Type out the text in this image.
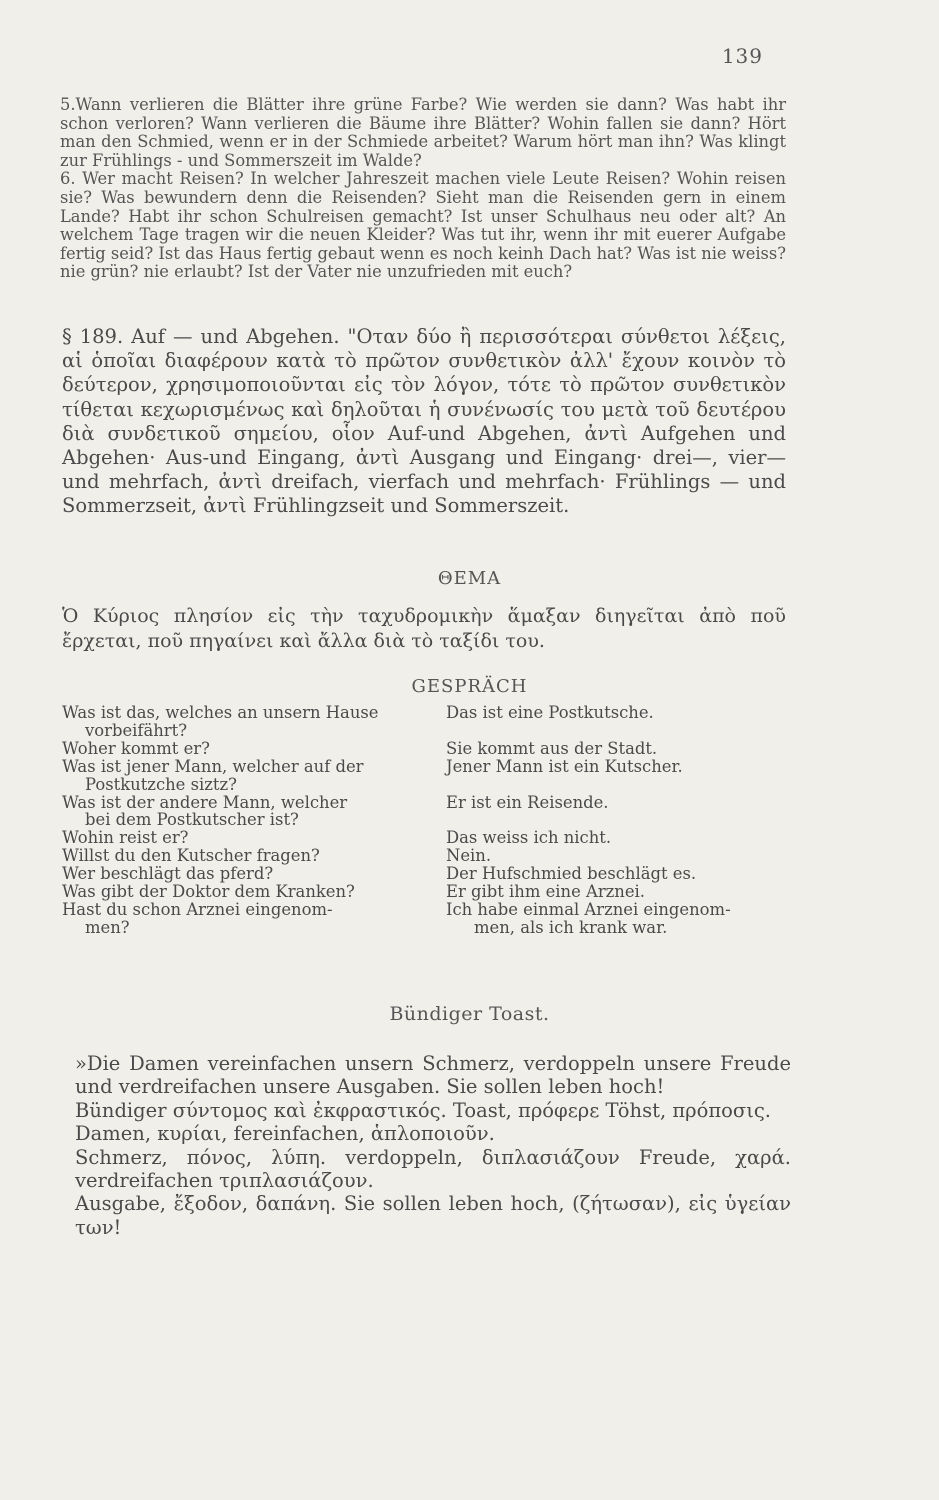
139

5.Wann verlieren die Blätter ihre grüne Farbe? Wie werden sie dann? Was habt ihr schon verloren? Wann verlieren die Bäume ihre Blätter? Wohin fallen sie dann? Hört man den Schmied, wenn er in der Schmiede arbeitet? Warum hört man ihn? Was klingt zur Frühlings - und Sommerszeit im Walde?

6. Wer macht Reisen? In welcher Jahreszeit machen viele Leute Reisen? Wohin reisen sie? Was bewundern denn die Reisenden? Sieht man die Reisenden gern in einem Lande? Habt ihr schon Schulreisen gemacht? Ist unser Schulhaus neu oder alt? An welchem Tage tragen wir die neuen Kleider? Was tut ihr, wenn ihr mit euerer Aufgabe fertig seid? Ist das Haus fertig gebaut wenn es noch keinh Dach hat? Was ist nie weiss? nie grün? nie erlaubt? Ist der Vater nie unzufrieden mit euch?

§ 189. Auf — und Abgehen. "Οταν δύο ἢ περισσότεραι σύνθετοι λέξεις, αἱ ὁποῖαι διαφέρουν κατὰ τὸ πρῶτον συνθετικὸν ἀλλ' ἔχουν κοινὸν τὸ δεύτερον, χρησιμοποιοῦνται εἰς τὸν λόγον, τότε τὸ πρῶτον συνθετικὸν τίθεται κεχωρισμένως καὶ δηλοῦται ἡ συνένωσίς του μετὰ τοῦ δευτέρου διὰ συνδετικοῦ σημείου, οἷον Auf-und Abgehen, ἀντὶ Aufgehen und Abgehen· Aus-und Eingang, ἀντὶ Ausgang und Eingang· drei—, vier—und mehrfach, ἀντὶ dreifach, vierfach und mehrfach· Frühlings — und Sommerzseit, ἀντὶ Frühlingzseit und Sommerszeit.
ΘΕΜΑ
Ὁ Κύριος πλησίον εἰς τὴν ταχυδρομικὴν ἅμαξαν διηγεῖται ἀπὸ ποῦ ἔρχεται, ποῦ πηγαίνει καὶ ἄλλα διὰ τὸ ταξίδι του.
GESPRÄCH
Was ist das, welches an unsern Hause
vorbeifährt?
Woher kommt er?
Was ist jener Mann, welcher auf der
Postkutzche siztz?
Was ist der andere Mann, welcher
bei dem Postkutscher ist?
Wohin reist er?
Willst du den Kutscher fragen?
Wer beschlägt das pferd?
Was gibt der Doktor dem Kranken?
Hast du schon Arznei eingenom-
men?
Das ist eine Postkutsche.

Sie kommt aus der Stadt.
Jener Mann ist ein Kutscher.

Er ist ein Reisende.

Das weiss ich nicht.
Nein.
Der Hufschmied beschlägt es.
Er gibt ihm eine Arznei.
Ich habe einmal Arznei eingenom-
men, als ich krank war.
Bündiger Toast.

»Die Damen vereinfachen unsern Schmerz, verdoppeln unsere Freude und verdreifachen unsere Ausgaben. Sie sollen leben hoch!

Bündiger σύντομος καὶ ἐκφραστικός. Toast, πρόφερε Töhst, πρόποσις.

Damen, κυρίαι, fereinfachen, ἁπλοποιοῦν.

Schmerz, πόνος, λύπη. verdoppeln, διπλασιάζουν Freude, χαρά. verdreifachen τριπλασιάζουν.

Ausgabe, ἔξοδον, δαπάνη. Sie sollen leben hoch, (ζήτωσαν), εἰς ὑγείαν των!
